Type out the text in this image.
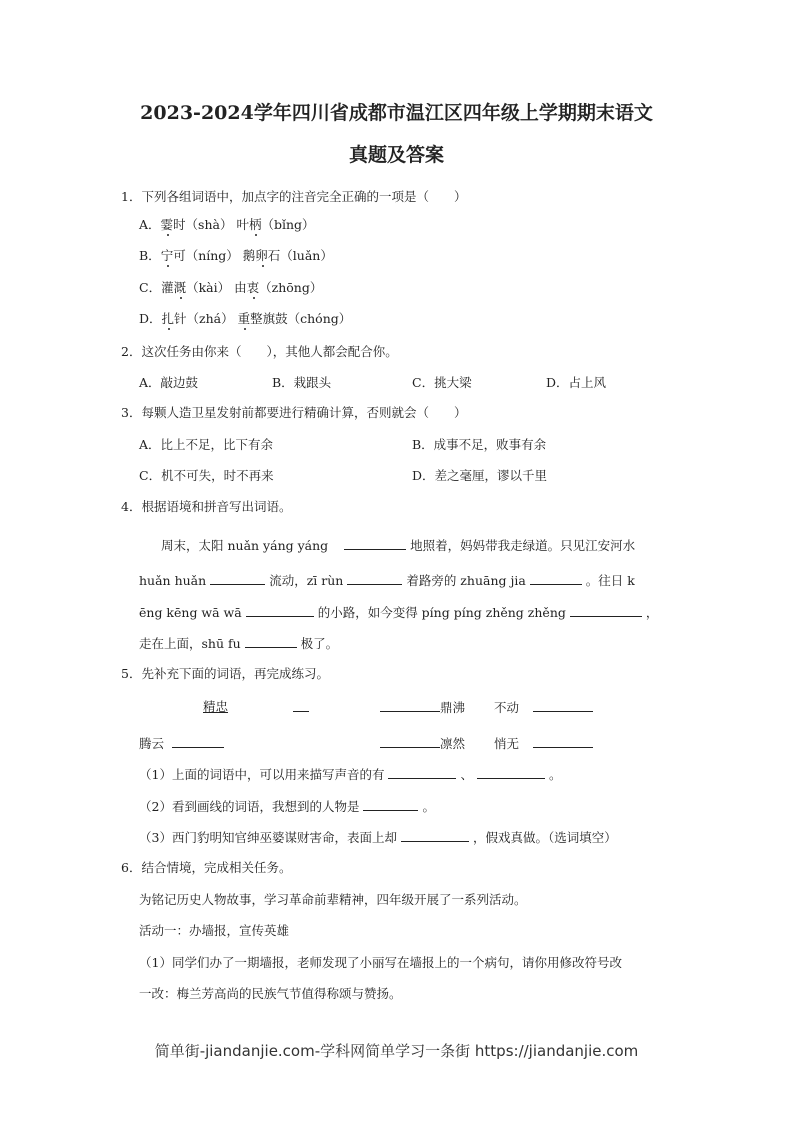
2023-2024学年四川省成都市温江区四年级上学期期末语文
真题及答案
1．下列各组词语中，加点字的注音完全正确的一项是（　　）
A．霎时（shà） 叶柄（bǐng）
B．宁可（níng） 鹅卵石（luǎn）
C．灌溉（kài） 由衷（zhōng）
D．扎针（zhá） 重整旗鼓（chóng）
2．这次任务由你来（　　），其他人都会配合你。
A．敲边鼓	B．栽跟头	C．挑大梁	D．占上风
3．每颗人造卫星发射前都要进行精确计算，否则就会（　　）
A．比上不足，比下有余	B．成事不足，败事有余
C．机不可失，时不再来	D．差之毫厘，谬以千里
4．根据语境和拼音写出词语。
周末，太阳 nuǎn yáng yáng	地照着，妈妈带我走绿道。只见江安河水
huǎn huǎn	流动，zī rùn	着路旁的 zhuāng jia	。往日 k
ēng kēng wā wā	的小路，如今变得 píng píng zhěng zhěng	，
走在上面，shū fu	极了。
5．先补充下面的词语，再完成练习。
精忠	鼎沸 不动
腾云	凛然 悄无
（1）上面的词语中，可以用来描写声音的有	、	。
（2）看到画线的词语，我想到的人物是	。
（3）西门豹明知官绅巫婆谋财害命，表面上却	，假戏真做。（选词填空）
6．结合情境，完成相关任务。
为铭记历史人物故事，学习革命前辈精神，四年级开展了一系列活动。
活动一：办墙报，宣传英雄
（1）同学们办了一期墙报，老师发现了小丽写在墙报上的一个病句，请你用修改符号改
一改：梅兰芳高尚的民族气节值得称颂与赞扬。
简单街-jiandanjie.com-学科网简单学习一条街 https://jiandanjie.com
